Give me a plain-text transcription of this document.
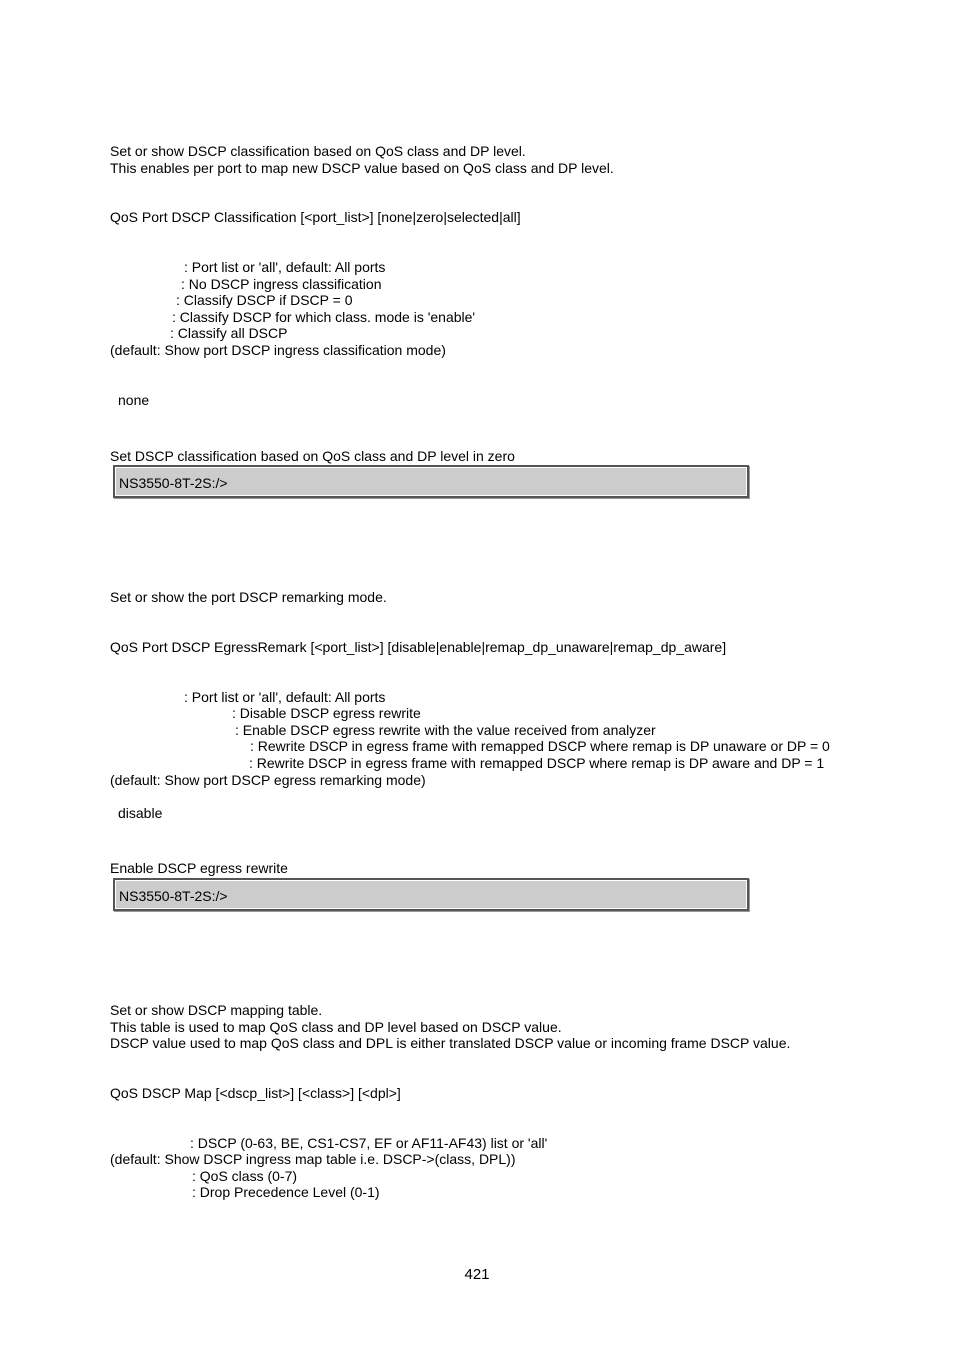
Set or show DSCP classification based on QoS class and DP level.
This enables per port to map new DSCP value based on QoS class and DP level.
QoS Port DSCP Classification [<port_list>] [none|zero|selected|all]
: Port list or 'all', default: All ports
: No DSCP ingress classification
: Classify DSCP if DSCP = 0
: Classify DSCP for which class. mode is 'enable'
: Classify all DSCP
(default: Show port DSCP ingress classification mode)
none
Set DSCP classification based on QoS class and DP level in zero
NS3550-8T-2S:/>
Set or show the port DSCP remarking mode.
QoS Port DSCP EgressRemark [<port_list>] [disable|enable|remap_dp_unaware|remap_dp_aware]
: Port list or 'all', default: All ports
: Disable DSCP egress rewrite
: Enable DSCP egress rewrite with the value received from analyzer
: Rewrite DSCP in egress frame with remapped DSCP where remap is DP unaware or DP = 0
: Rewrite DSCP in egress frame with remapped DSCP where remap is DP aware and DP = 1
(default: Show port DSCP egress remarking mode)
disable
Enable DSCP egress rewrite
NS3550-8T-2S:/>
Set or show DSCP mapping table.
This table is used to map QoS class and DP level based on DSCP value.
DSCP value used to map QoS class and DPL is either translated DSCP value or incoming frame DSCP value.
QoS DSCP Map [<dscp_list>] [<class>] [<dpl>]
: DSCP (0-63, BE, CS1-CS7, EF or AF11-AF43) list or 'all'
(default: Show DSCP ingress map table i.e. DSCP->(class, DPL))
: QoS class (0-7)
: Drop Precedence Level (0-1)
421
